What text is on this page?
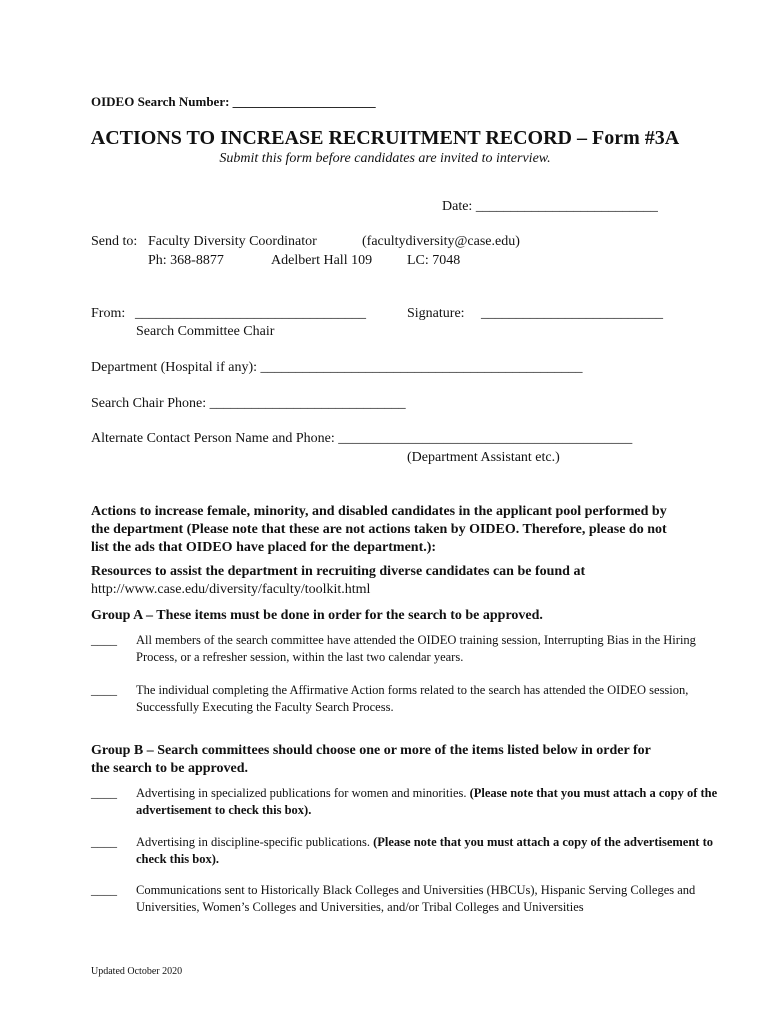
OIDEO Search Number: ______________________
ACTIONS TO INCREASE RECRUITMENT RECORD – Form #3A
Submit this form before candidates are invited to interview.
Date: __________________________
Send to: Faculty Diversity Coordinator	(facultydiversity@case.edu)
Ph: 368-8877	Adelbert Hall 109 LC: 7048
From: _________________________________
Search Committee Chair
Signature: __________________________
Department (Hospital if any): ______________________________________________
Search Chair Phone: ____________________________
Alternate Contact Person Name and Phone: __________________________________________
(Department Assistant etc.)
Actions to increase female, minority, and disabled candidates in the applicant pool performed by the department (Please note that these are not actions taken by OIDEO. Therefore, please do not list the ads that OIDEO have placed for the department.):
Resources to assist the department in recruiting diverse candidates can be found at
http://www.case.edu/diversity/faculty/toolkit.html
Group A – These items must be done in order for the search to be approved.
____ All members of the search committee have attended the OIDEO training session, Interrupting Bias in the Hiring Process, or a refresher session, within the last two calendar years.
____ The individual completing the Affirmative Action forms related to the search has attended the OIDEO session, Successfully Executing the Faculty Search Process.
Group B – Search committees should choose one or more of the items listed below in order for the search to be approved.
____ Advertising in specialized publications for women and minorities. (Please note that you must attach a copy of the advertisement to check this box).
____ Advertising in discipline-specific publications. (Please note that you must attach a copy of the advertisement to check this box).
____ Communications sent to Historically Black Colleges and Universities (HBCUs), Hispanic Serving Colleges and Universities, Women’s Colleges and Universities, and/or Tribal Colleges and Universities
Updated October 2020
